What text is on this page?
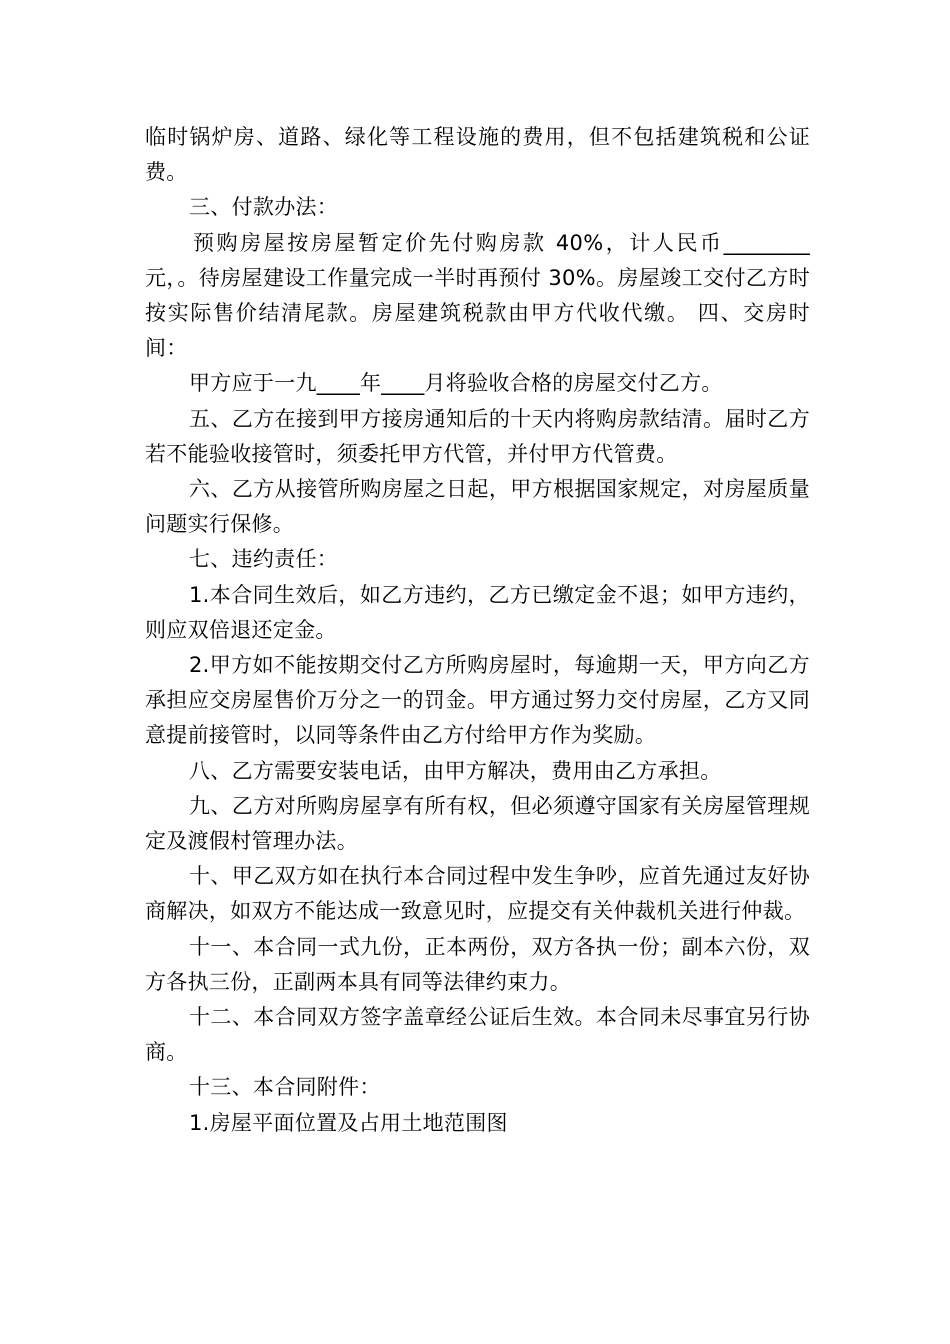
临时锅炉房、道路、绿化等工程设施的费用，但不包括建筑税和公证费。

三、付款办法：

预购房屋按房屋暂定价先付购房款 40%，计人民币________元，。待房屋建设工作量完成一半时再预付 30%。房屋竣工交付乙方时按实际售价结清尾款。房屋建筑税款由甲方代收代缴。 四、交房时间：

甲方应于一九____年____月将验收合格的房屋交付乙方。

五、乙方在接到甲方接房通知后的十天内将购房款结清。届时乙方若不能验收接管时，须委托甲方代管，并付甲方代管费。

六、乙方从接管所购房屋之日起，甲方根据国家规定，对房屋质量问题实行保修。

七、违约责任：

1.本合同生效后，如乙方违约，乙方已缴定金不退；如甲方违约，则应双倍退还定金。

2.甲方如不能按期交付乙方所购房屋时，每逾期一天，甲方向乙方承担应交房屋售价万分之一的罚金。甲方通过努力交付房屋，乙方又同意提前接管时，以同等条件由乙方付给甲方作为奖励。

八、乙方需要安装电话，由甲方解决，费用由乙方承担。

九、乙方对所购房屋享有所有权，但必须遵守国家有关房屋管理规定及渡假村管理办法。

十、甲乙双方如在执行本合同过程中发生争吵，应首先通过友好协商解决，如双方不能达成一致意见时，应提交有关仲裁机关进行仲裁。

十一、本合同一式九份，正本两份，双方各执一份；副本六份，双方各执三份，正副两本具有同等法律约束力。

十二、本合同双方签字盖章经公证后生效。本合同未尽事宜另行协商。

十三、本合同附件：

1.房屋平面位置及占用土地范围图
